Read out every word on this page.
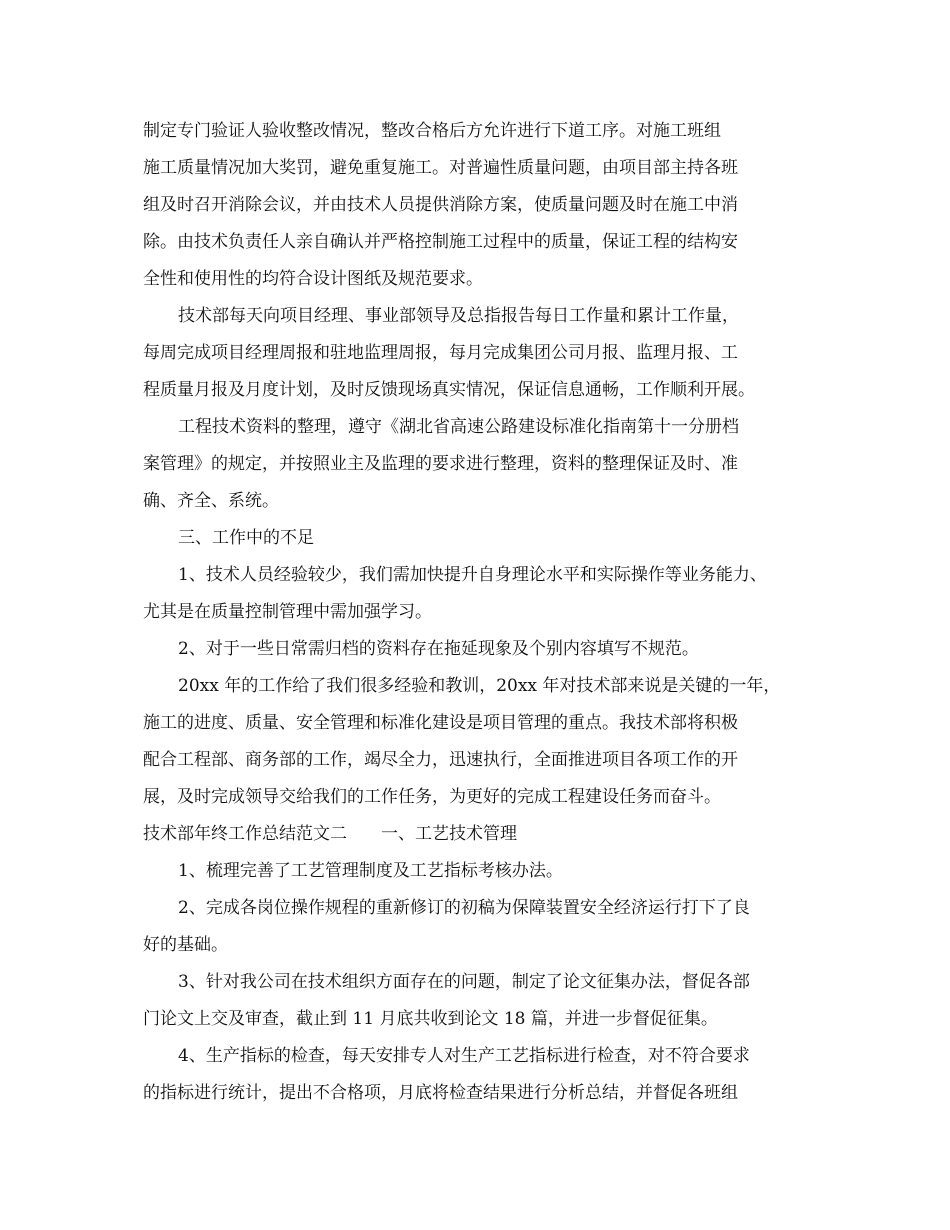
制定专门验证人验收整改情况，整改合格后方允许进行下道工序。对施工班组
施工质量情况加大奖罚，避免重复施工。对普遍性质量问题，由项目部主持各班
组及时召开消除会议，并由技术人员提供消除方案，使质量问题及时在施工中消
除。由技术负责任人亲自确认并严格控制施工过程中的质量，保证工程的结构安
全性和使用性的均符合设计图纸及规范要求。
技术部每天向项目经理、事业部领导及总指报告每日工作量和累计工作量，
每周完成项目经理周报和驻地监理周报，每月完成集团公司月报、监理月报、工
程质量月报及月度计划，及时反馈现场真实情况，保证信息通畅，工作顺利开展。
工程技术资料的整理，遵守《湖北省高速公路建设标准化指南第十一分册档
案管理》的规定，并按照业主及监理的要求进行整理，资料的整理保证及时、准
确、齐全、系统。
三、工作中的不足
1、技术人员经验较少，我们需加快提升自身理论水平和实际操作等业务能力、
尤其是在质量控制管理中需加强学习。
2、对于一些日常需归档的资料存在拖延现象及个别内容填写不规范。
20xx 年的工作给了我们很多经验和教训，20xx 年对技术部来说是关键的一年，
施工的进度、质量、安全管理和标准化建设是项目管理的重点。我技术部将积极
配合工程部、商务部的工作，竭尽全力，迅速执行，全面推进项目各项工作的开
展，及时完成领导交给我们的工作任务，为更好的完成工程建设任务而奋斗。
技术部年终工作总结范文二 一、工艺技术管理
1、梳理完善了工艺管理制度及工艺指标考核办法。
2、完成各岗位操作规程的重新修订的初稿为保障装置安全经济运行打下了良
好的基础。
3、针对我公司在技术组织方面存在的问题，制定了论文征集办法，督促各部
门论文上交及审查，截止到 11 月底共收到论文 18 篇，并进一步督促征集。
4、生产指标的检查，每天安排专人对生产工艺指标进行检查，对不符合要求
的指标进行统计，提出不合格项，月底将检查结果进行分析总结，并督促各班组
